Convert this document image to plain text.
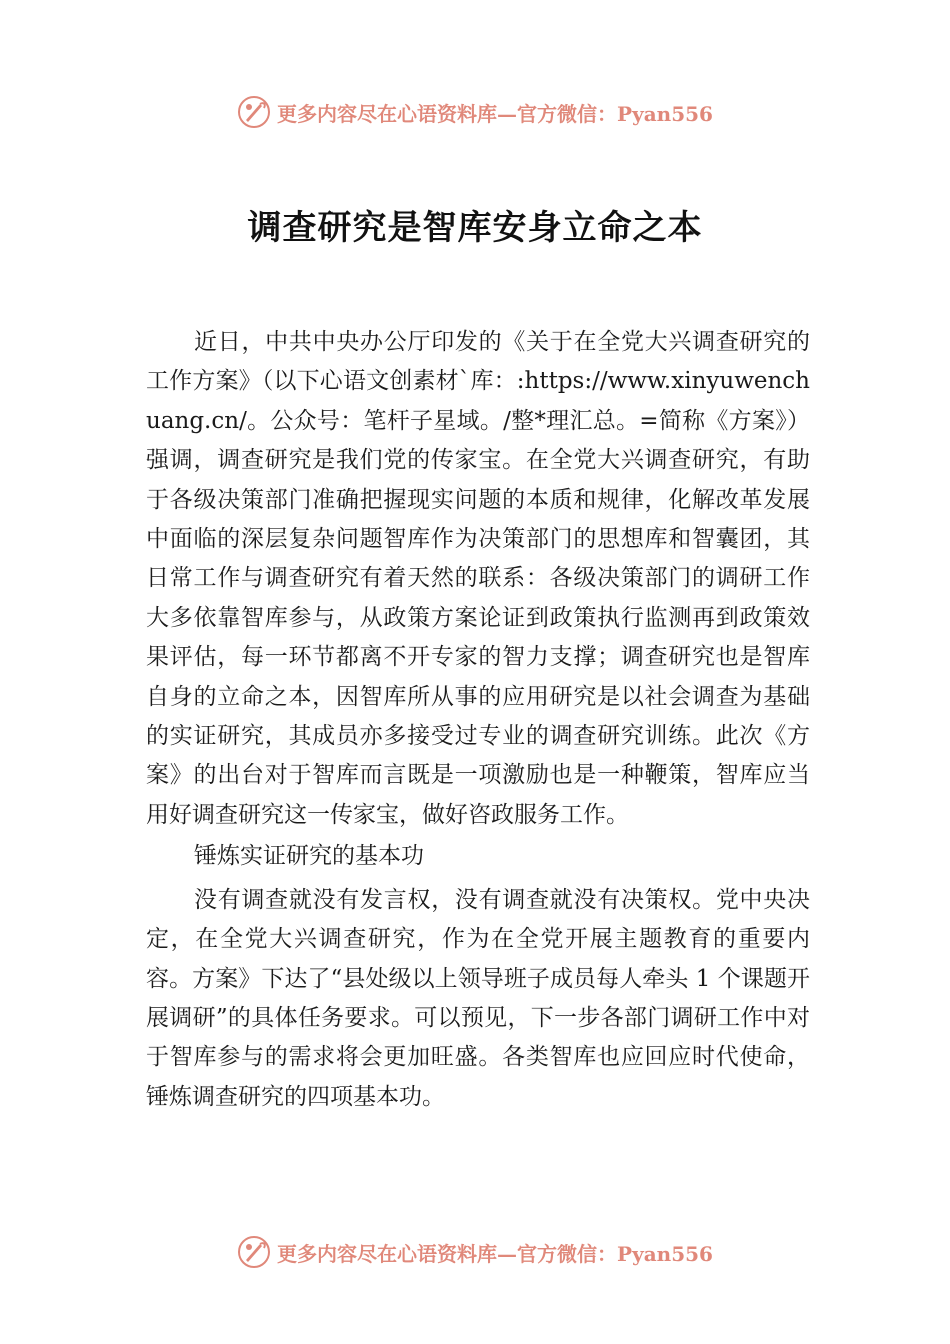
更多内容尽在心语资料库—官方微信：Pyan556
调查研究是智库安身立命之本

近日，中共中央办公厅印发的《关于在全党大兴调查研究的工作方案》（以下心语文创素材`库：:https://www.xinyuwenchuang.cn/。公众号：笔杆子星域。/整*理汇总。=简称《方案》）强调，调查研究是我们党的传家宝。在全党大兴调查研究，有助于各级决策部门准确把握现实问题的本质和规律，化解改革发展中面临的深层复杂问题智库作为决策部门的思想库和智囊团，其日常工作与调查研究有着天然的联系：各级决策部门的调研工作大多依靠智库参与，从政策方案论证到政策执行监测再到政策效果评估，每一环节都离不开专家的智力支撑；调查研究也是智库自身的立命之本，因智库所从事的应用研究是以社会调查为基础的实证研究，其成员亦多接受过专业的调查研究训练。此次《方案》的出台对于智库而言既是一项激励也是一种鞭策，智库应当用好调查研究这一传家宝，做好咨政服务工作。

锤炼实证研究的基本功

没有调查就没有发言权，没有调查就没有决策权。党中央决定，在全党大兴调查研究，作为在全党开展主题教育的重要内容。方案》下达了“县处级以上领导班子成员每人牵头 1 个课题开展调研”的具体任务要求。可以预见，下一步各部门调研工作中对于智库参与的需求将会更加旺盛。各类智库也应回应时代使命，锤炼调查研究的四项基本功。

更多内容尽在心语资料库—官方微信：Pyan556
